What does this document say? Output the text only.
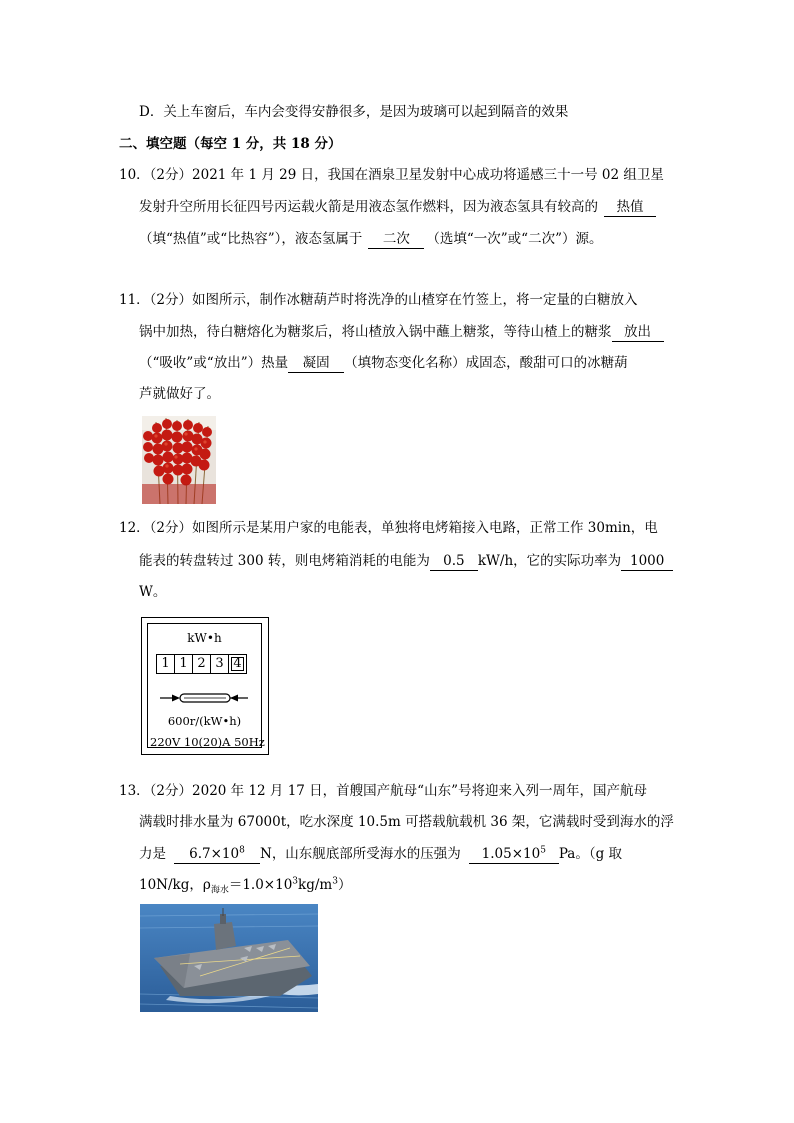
D．关上车窗后，车内会变得安静很多，是因为玻璃可以起到隔音的效果
二、填空题（每空 1 分，共 18 分）
10．（2分）2021 年 1 月 29 日，我国在酒泉卫星发射中心成功将遥感三十一号 02 组卫星
发射升空所用长征四号丙运载火箭是用液态氢作燃料，因为液态氢具有较高的 热值
（填“热值”或“比热容”），液态氢属于 二次 （选填“一次”或“二次”）源。
11．（2分）如图所示，制作冰糖葫芦时将洗净的山楂穿在竹签上，将一定量的白糖放入
锅中加热，待白糖熔化为糖浆后，将山楂放入锅中蘸上糖浆，等待山楂上的糖浆 放出
（“吸收”或“放出”）热量 凝固 （填物态变化名称）成固态，酸甜可口的冰糖葫
芦就做好了。
12．（2分）如图所示是某用户家的电能表，单独将电烤箱接入电路，正常工作 30min，电
能表的转盘转过 300 转，则电烤箱消耗的电能为 0.5 kW/h，它的实际功率为 1000
W。
kW•h
1 1 2 3 4
600r/(kW•h)
220V 10(20)A 50Hz
13．（2分）2020 年 12 月 17 日，首艘国产航母“山东”号将迎来入列一周年，国产航母
满载时排水量为 67000t，吃水深度 10.5m 可搭载航载机 36 架，它满载时受到海水的浮
力是 $6.7\times 10^8$ N，山东舰底部所受海水的压强为 $1.05\times 10^5$ Pa。（g 取
10N/kg，$\rho_{海水}=1.0\times 10^3kg/m^3$）
